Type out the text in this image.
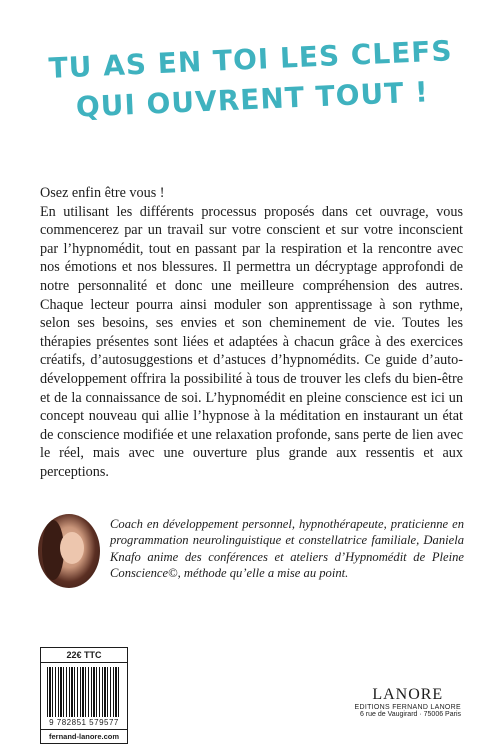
TU AS EN TOI LES CLEFS
QUI OUVRENT TOUT !

Osez enfin être vous !

En utilisant les différents processus proposés dans cet ouvrage, vous commencerez par un travail sur votre conscient et sur votre inconscient par l’hypnomédit, tout en passant par la respiration et la rencontre avec nos émotions et nos blessures. Il permettra un décryptage approfondi de notre personnalité et donc une meilleure compréhension des autres. Chaque lecteur pourra ainsi moduler son apprentissage à son rythme, selon ses besoins, ses envies et son cheminement de vie. Toutes les thérapies présentes sont liées et adaptées à chacun grâce à des exercices créatifs, d’autosuggestions et d’astuces d’hypnomédits. Ce guide d’auto-développement offrira la possibilité à tous de trouver les clefs du bien-être et de la connaissance de soi. L’hypnomédit en pleine conscience est ici un concept nouveau qui allie l’hypnose à la méditation en instaurant un état de conscience modifiée et une relaxation profonde, sans perte de lien avec le réel, mais avec une ouverture plus grande aux ressentis et aux perceptions.

Coach en développement personnel, hypnothérapeute, praticienne en programmation neurolinguistique et constellatrice familiale, Daniela Knafo anime des conférences et ateliers d’Hypnomédit de Pleine Conscience©, méthode qu’elle a mise au point.
22€ TTC
9 782851 579577
fernand-lanore.com
LANORE
EDITIONS FERNAND LANORE
6 rue de Vaugirard · 75006 Paris
